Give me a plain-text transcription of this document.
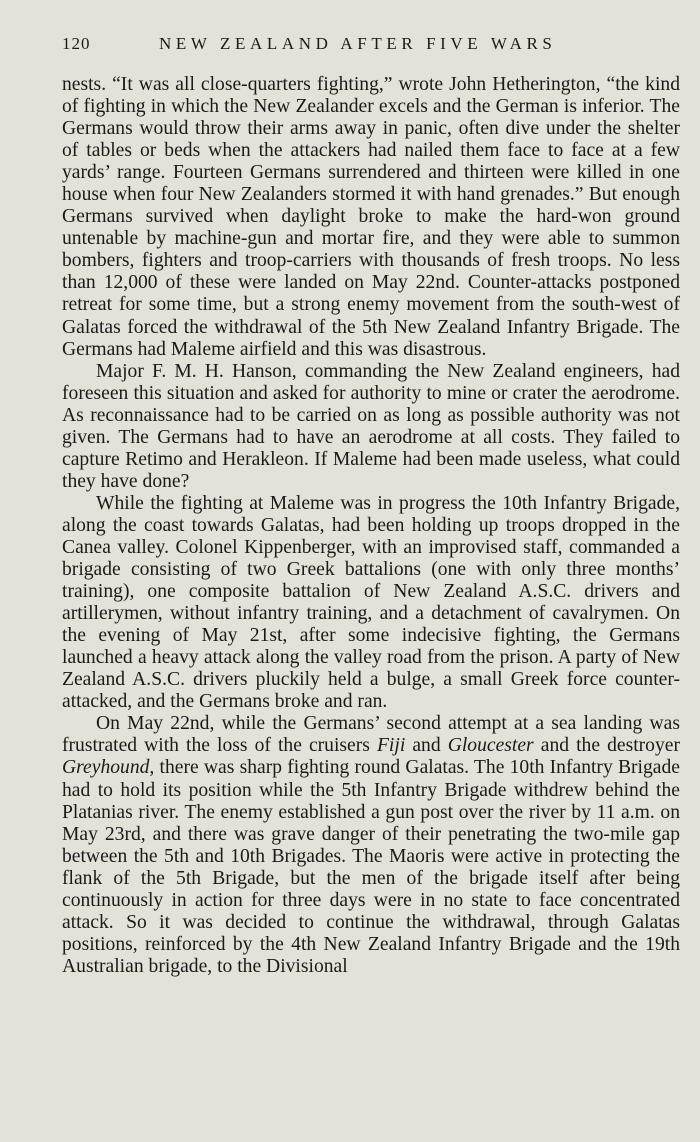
120	NEW ZEALAND AFTER FIVE WARS

nests. “It was all close-quarters fighting,” wrote John Hetherington, “the kind of fighting in which the New Zealander excels and the German is inferior. The Germans would throw their arms away in panic, often dive under the shelter of tables or beds when the attackers had nailed them face to face at a few yards’ range. Fourteen Germans surrendered and thirteen were killed in one house when four New Zealanders stormed it with hand grenades.” But enough Germans survived when daylight broke to make the hard-won ground untenable by machine-gun and mortar fire, and they were able to summon bombers, fighters and troop-carriers with thousands of fresh troops. No less than 12,000 of these were landed on May 22nd. Counter-attacks postponed retreat for some time, but a strong enemy movement from the south-west of Galatas forced the withdrawal of the 5th New Zealand Infantry Brigade. The Germans had Maleme airfield and this was disastrous.

Major F. M. H. Hanson, commanding the New Zealand engineers, had foreseen this situation and asked for authority to mine or crater the aerodrome. As reconnaissance had to be carried on as long as possible authority was not given. The Germans had to have an aerodrome at all costs. They failed to capture Retimo and Herakleon. If Maleme had been made useless, what could they have done?

While the fighting at Maleme was in progress the 10th Infantry Brigade, along the coast towards Galatas, had been holding up troops dropped in the Canea valley. Colonel Kippenberger, with an improvised staff, commanded a brigade consisting of two Greek battalions (one with only three months’ training), one composite battalion of New Zealand A.S.C. drivers and artillerymen, without infantry training, and a detachment of cavalrymen. On the evening of May 21st, after some indecisive fighting, the Germans launched a heavy attack along the valley road from the prison. A party of New Zealand A.S.C. drivers pluckily held a bulge, a small Greek force counter-attacked, and the Germans broke and ran.

On May 22nd, while the Germans’ second attempt at a sea landing was frustrated with the loss of the cruisers Fiji and Gloucester and the destroyer Greyhound, there was sharp fighting round Galatas. The 10th Infantry Brigade had to hold its position while the 5th Infantry Brigade withdrew behind the Platanias river. The enemy established a gun post over the river by 11 a.m. on May 23rd, and there was grave danger of their penetrating the two-mile gap between the 5th and 10th Brigades. The Maoris were active in protecting the flank of the 5th Brigade, but the men of the brigade itself after being continuously in action for three days were in no state to face concentrated attack. So it was decided to continue the withdrawal, through Galatas positions, reinforced by the 4th New Zealand Infantry Brigade and the 19th Australian brigade, to the Divisional
